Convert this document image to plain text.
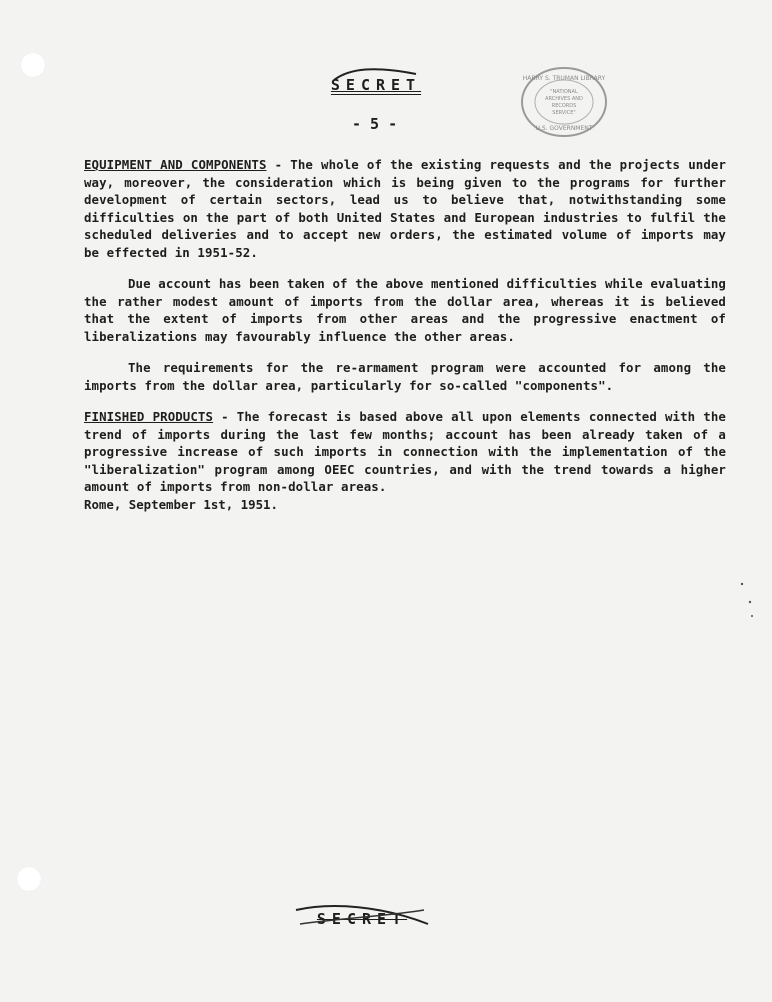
SECRET
- 5 -
HARRY S. TRUMAN LIBRARY
"NATIONAL
ARCHIVES AND
RECORDS
SERVICE"
U.S. GOVERNMENT

EQUIPMENT AND COMPONENTS - The whole of the existing requests and the projects under way, moreover, the consideration which is being given to the programs for further development of certain sectors, lead us to believe that, notwithstanding some difficulties on the part of both United States and European industries to fulfil the scheduled deliveries and to accept new orders, the estimated volume of imports may be effected in 1951-52.

Due account has been taken of the above mentioned difficulties while evaluating the rather modest amount of imports from the dollar area, whereas it is believed that the extent of imports from other areas and the progressive enactment of liberalizations may favourably influence the other areas.

The requirements for the re-armament program were accounted for among the imports from the dollar area, particularly for so-called "components".

FINISHED PRODUCTS - The forecast is based above all upon elements connected with the trend of imports during the last few months; account has been already taken of a progressive increase of such imports in connection with the implementation of the "liberalization" program among OEEC countries, and with the trend towards a higher amount of imports from non-dollar areas.

Rome, September 1st, 1951.
SECRET
